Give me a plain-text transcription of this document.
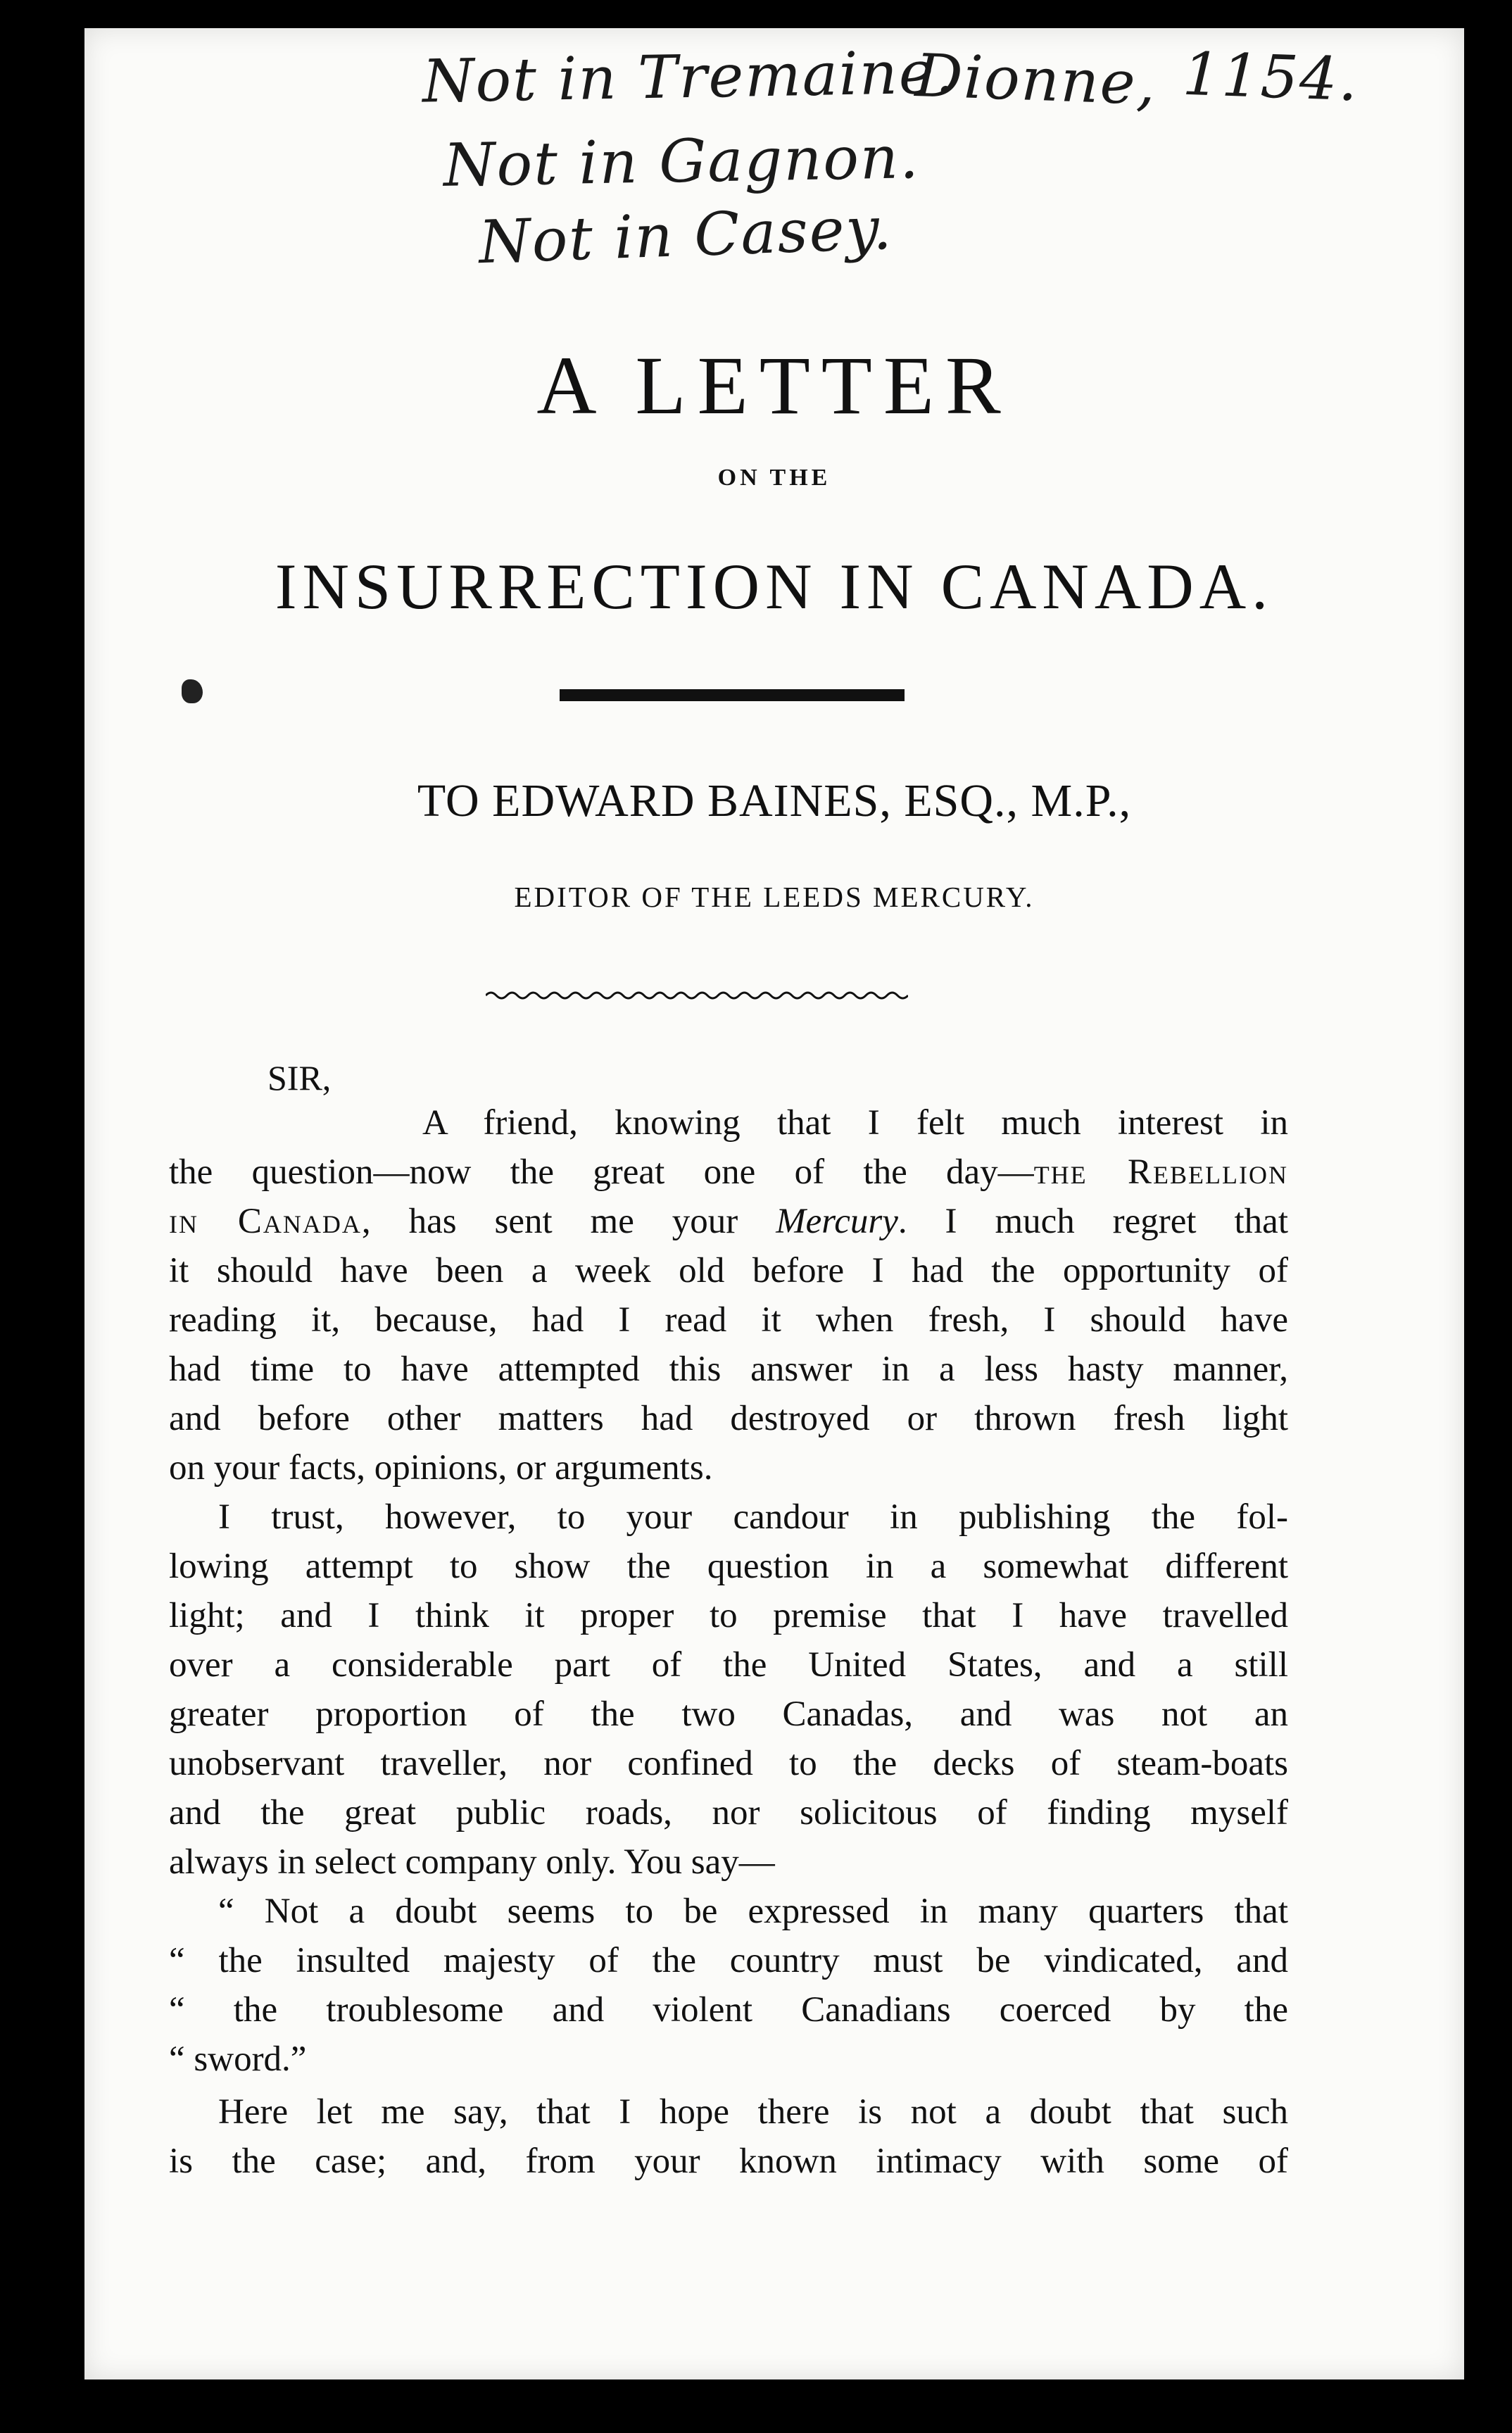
Not in Tremaine.
Dionne, 1154.
Not in Gagnon.
Not in Casey.
A LETTER
ON THE
INSURRECTION IN CANADA.
TO EDWARD BAINES, ESQ., M.P.,
EDITOR OF THE LEEDS MERCURY.
SIR,
A friend, knowing that I felt much interest in
the question—now the great one of the day—the Rebellion
in Canada, has sent me your Mercury. I much regret that
it should have been a week old before I had the opportunity of
reading it, because, had I read it when fresh, I should have
had time to have attempted this answer in a less hasty manner,
and before other matters had destroyed or thrown fresh light
on your facts, opinions, or arguments.
I trust, however, to your candour in publishing the fol-
lowing attempt to show the question in a somewhat different
light; and I think it proper to premise that I have travelled
over a considerable part of the United States, and a still
greater proportion of the two Canadas, and was not an
unobservant traveller, nor confined to the decks of steam-boats
and the great public roads, nor solicitous of finding myself
always in select company only. You say—
“ Not a doubt seems to be expressed in many quarters that
“ the insulted majesty of the country must be vindicated, and
“ the troublesome and violent Canadians coerced by the
“ sword.”
Here let me say, that I hope there is not a doubt that such
is the case; and, from your known intimacy with some of
